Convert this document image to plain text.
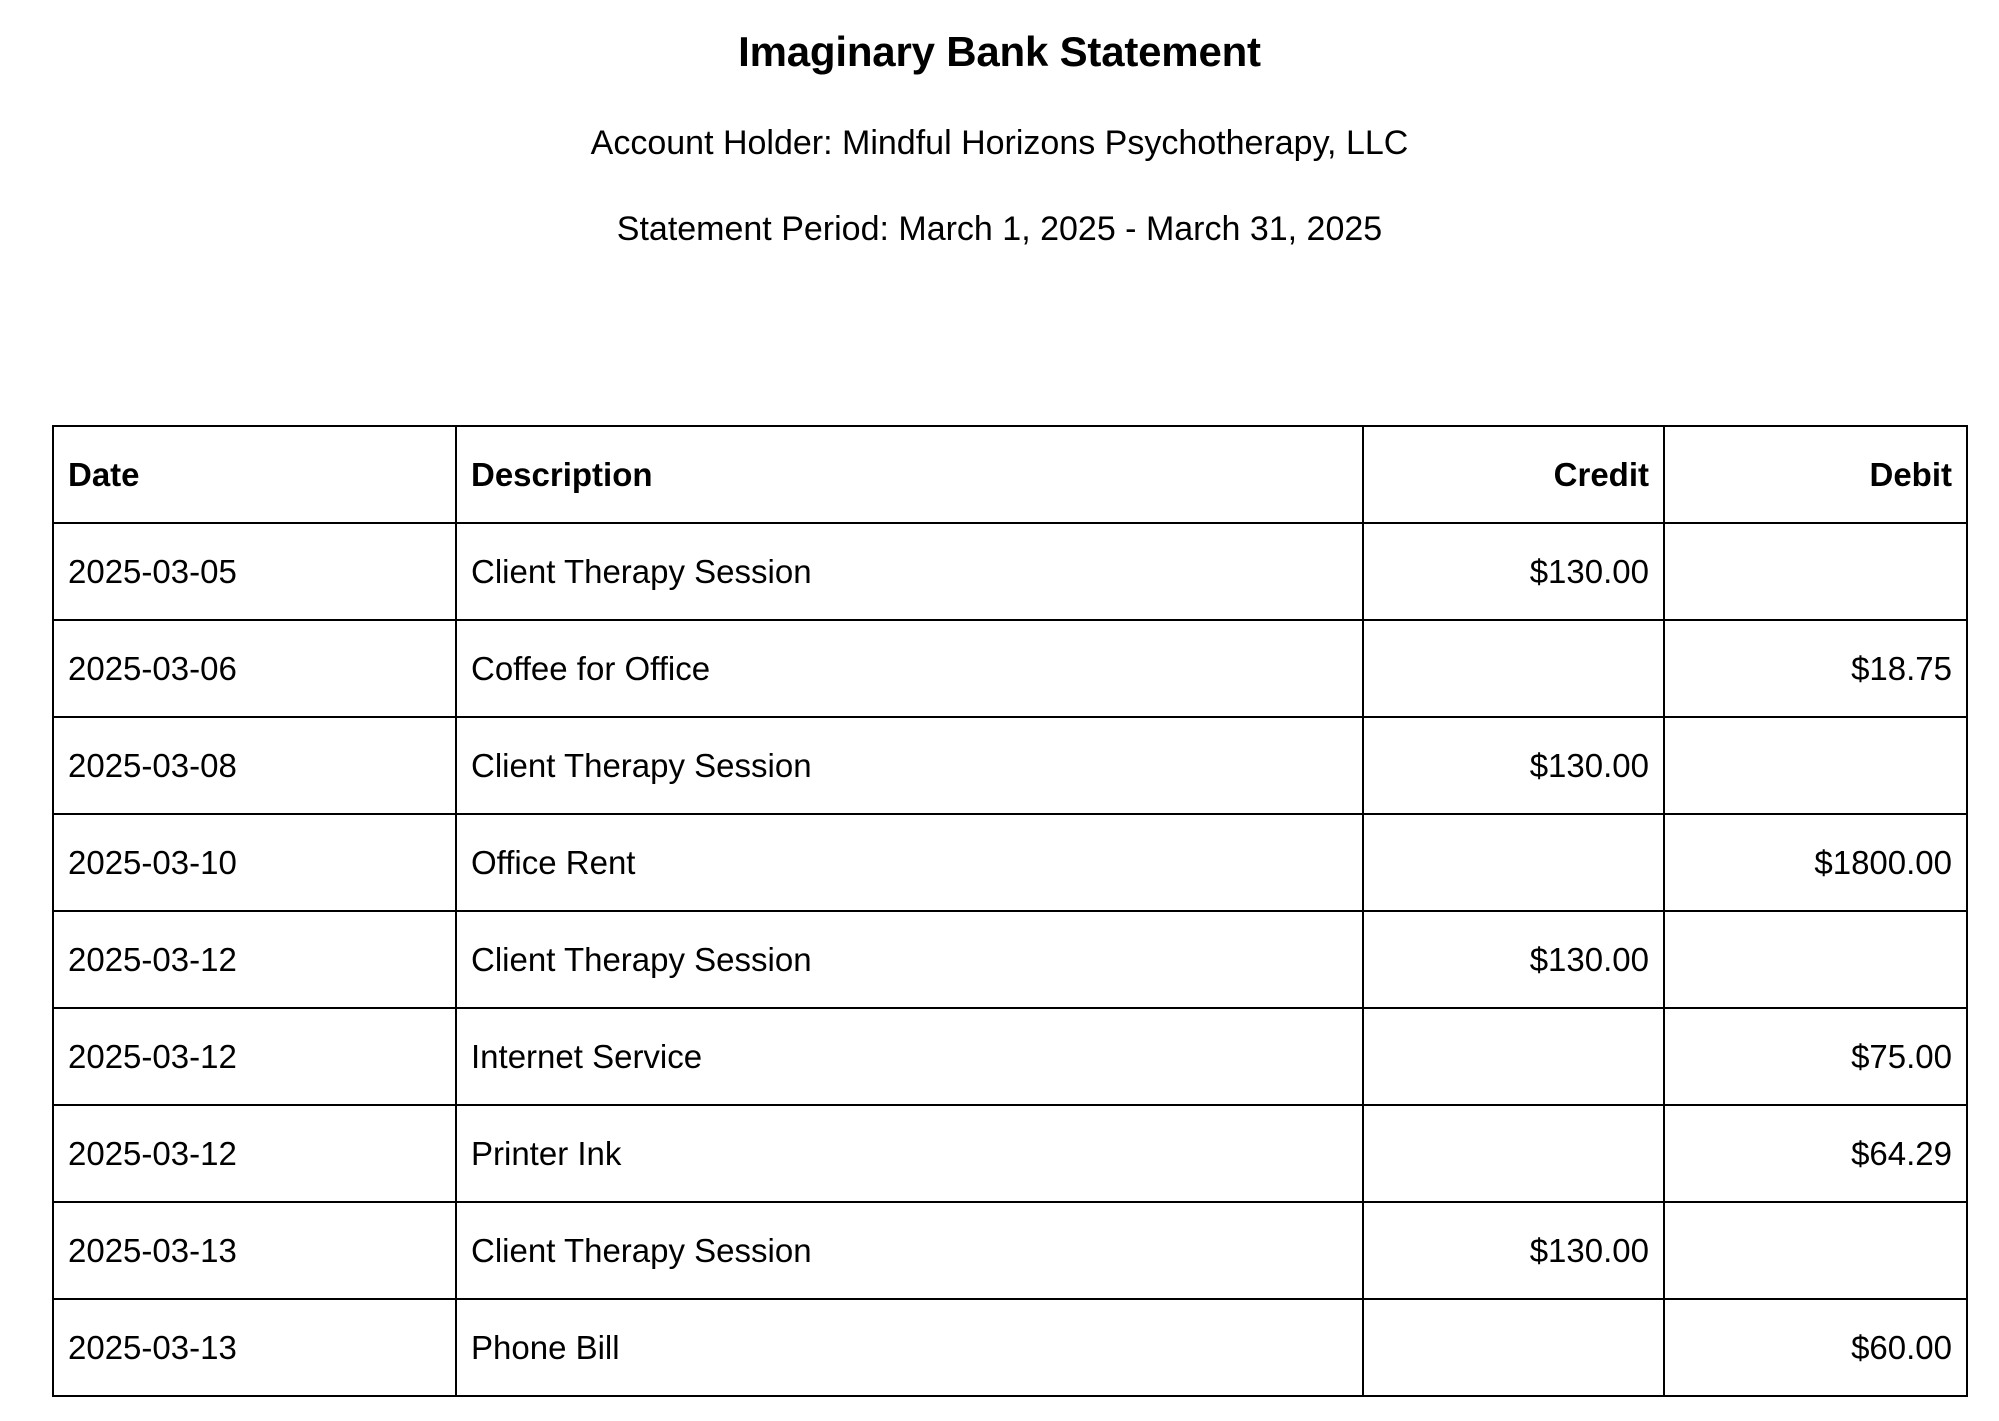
Imaginary Bank Statement

Account Holder: Mindful Horizons Psychotherapy, LLC

Statement Period: March 1, 2025 - March 31, 2025

Date	Description	Credit	Debit
2025-03-05	Client Therapy Session	$130.00	
2025-03-06	Coffee for Office		$18.75
2025-03-08	Client Therapy Session	$130.00	
2025-03-10	Office Rent		$1800.00
2025-03-12	Client Therapy Session	$130.00	
2025-03-12	Internet Service		$75.00
2025-03-12	Printer Ink		$64.29
2025-03-13	Client Therapy Session	$130.00	
2025-03-13	Phone Bill		$60.00
